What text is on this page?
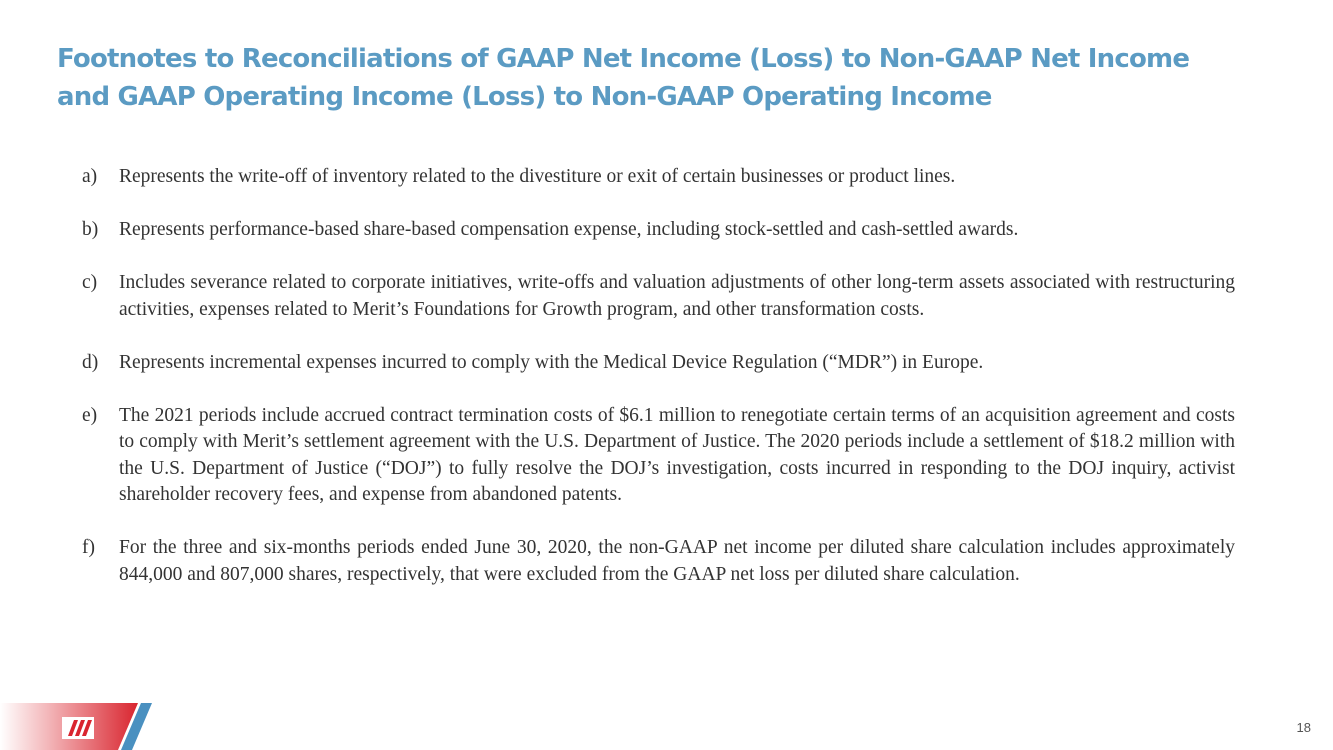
Footnotes to Reconciliations of GAAP Net Income (Loss) to Non-GAAP Net Income
and GAAP Operating Income (Loss) to Non-GAAP Operating Income
a)	Represents the write-off of inventory related to the divestiture or exit of certain businesses or product lines.
b)	Represents performance-based share-based compensation expense, including stock-settled and cash-settled awards.
c)	Includes severance related to corporate initiatives, write-offs and valuation adjustments of other long-term assets associated with restructuring activities, expenses related to Merit’s Foundations for Growth program, and other transformation costs.
d)	Represents incremental expenses incurred to comply with the Medical Device Regulation (“MDR”) in Europe.
e)	The 2021 periods include accrued contract termination costs of $6.1 million to renegotiate certain terms of an acquisition agreement and costs to comply with Merit’s settlement agreement with the U.S. Department of Justice. The 2020 periods include a settlement of $18.2 million with the U.S. Department of Justice (“DOJ”) to fully resolve the DOJ’s investigation, costs incurred in responding to the DOJ inquiry, activist shareholder recovery fees, and expense from abandoned patents.
f)	For the three and six-months periods ended June 30, 2020, the non-GAAP net income per diluted share calculation includes approximately 844,000 and 807,000 shares, respectively, that were excluded from the GAAP net loss per diluted share calculation.
18
